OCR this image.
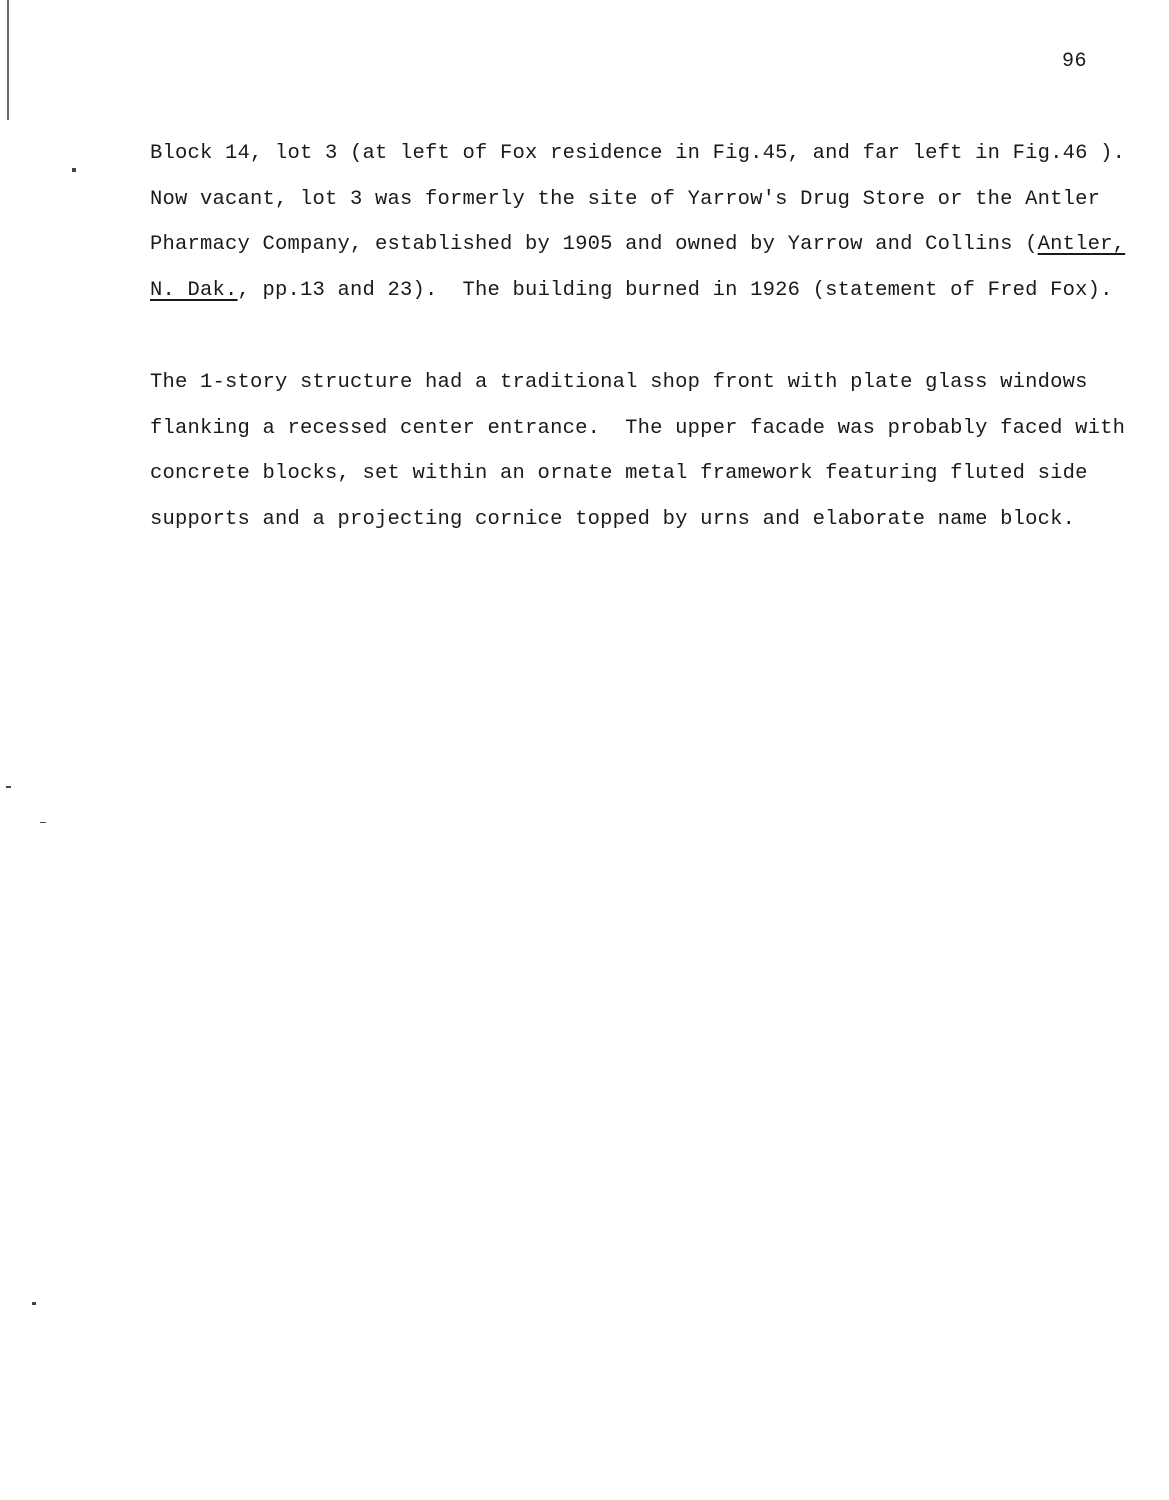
96
Block 14, lot 3 (at left of Fox residence in Fig.45, and far left in Fig.46 ).
Now vacant, lot 3 was formerly the site of Yarrow's Drug Store or the Antler
Pharmacy Company, established by 1905 and owned by Yarrow and Collins (Antler,
N. Dak., pp.13 and 23).  The building burned in 1926 (statement of Fred Fox).
The 1-story structure had a traditional shop front with plate glass windows
flanking a recessed center entrance.  The upper facade was probably faced with
concrete blocks, set within an ornate metal framework featuring fluted side
supports and a projecting cornice topped by urns and elaborate name block.
